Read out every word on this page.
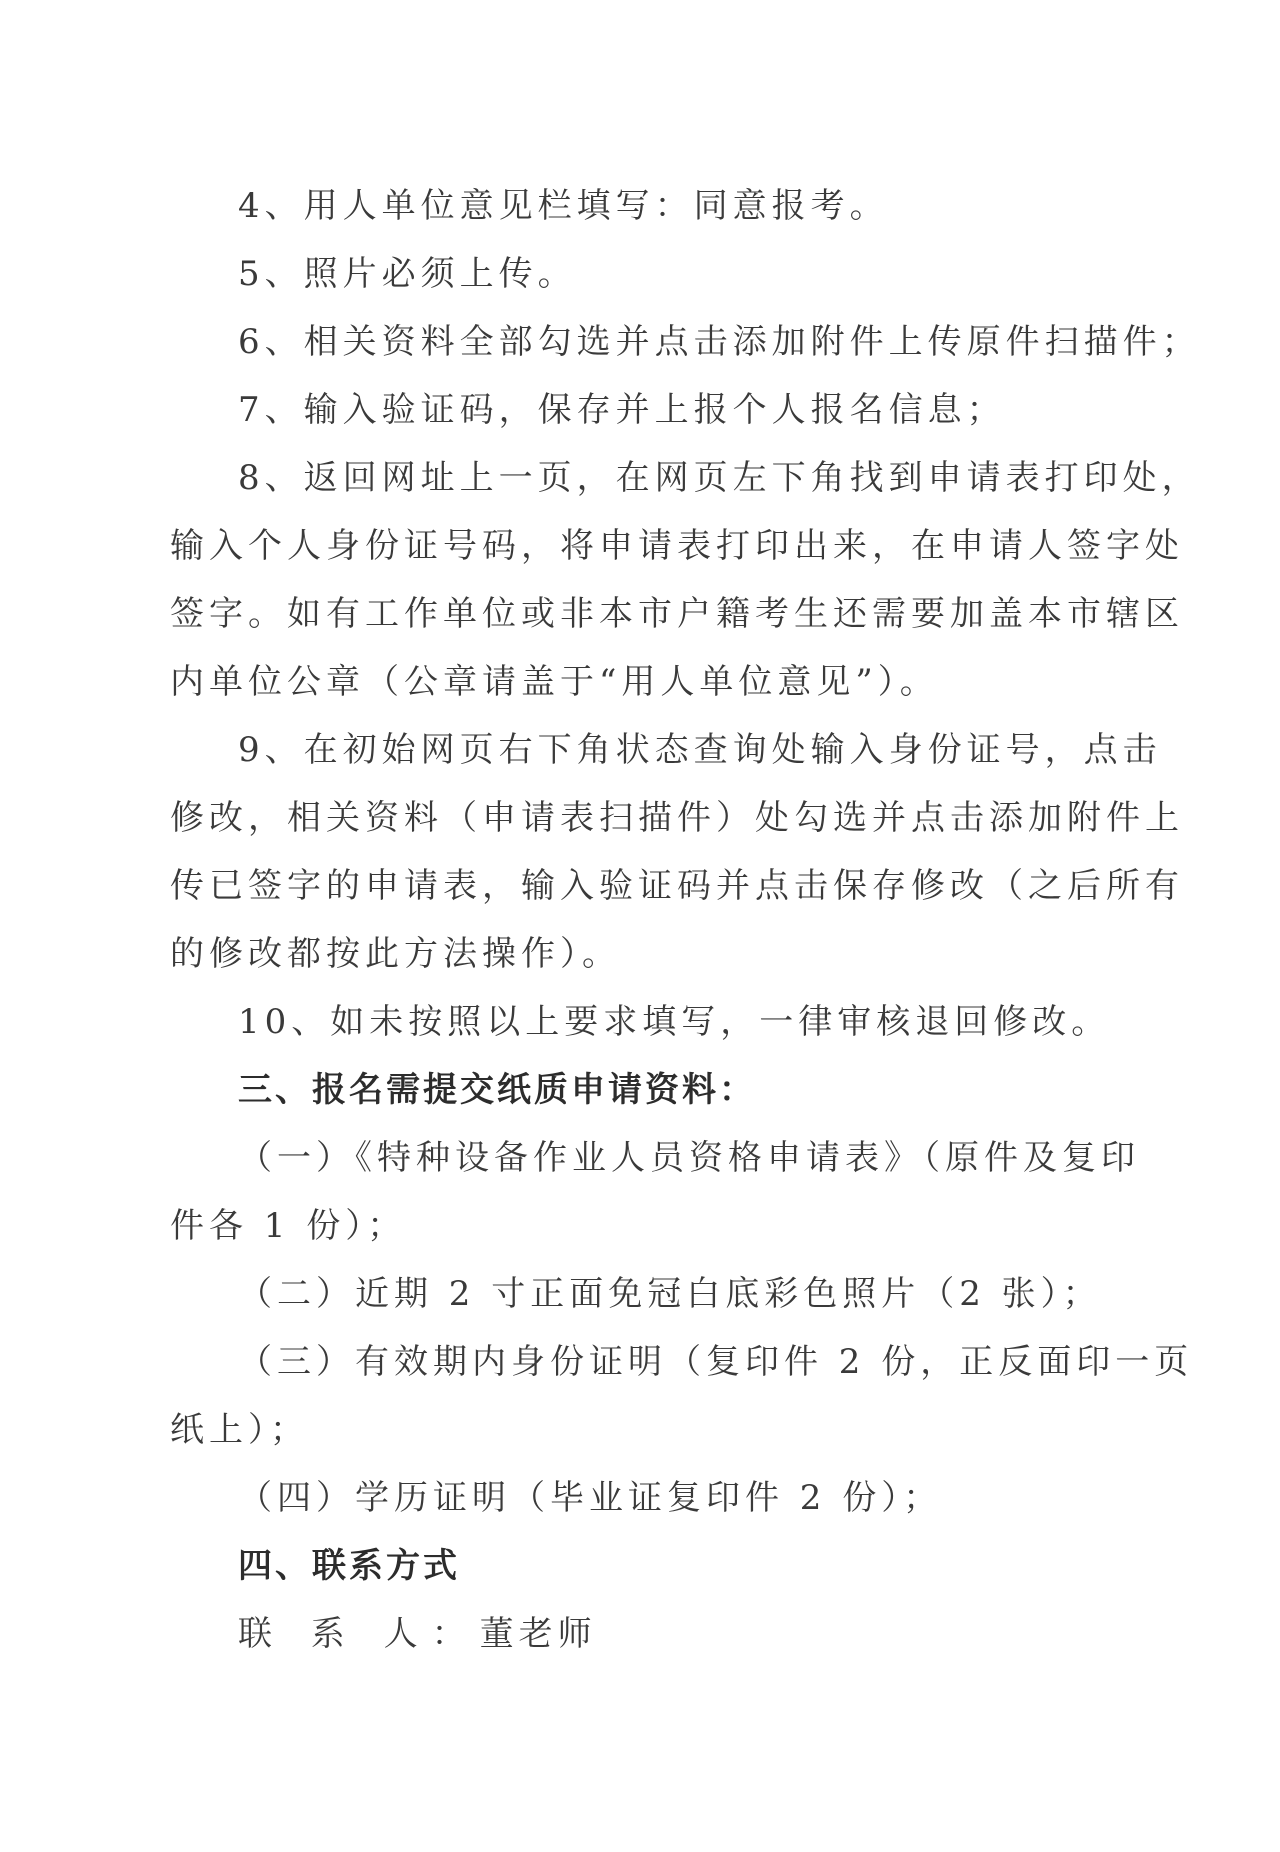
4、用人单位意见栏填写：同意报考。
5、照片必须上传。
6、相关资料全部勾选并点击添加附件上传原件扫描件；
7、输入验证码，保存并上报个人报名信息；
8、返回网址上一页，在网页左下角找到申请表打印处，
输入个人身份证号码，将申请表打印出来，在申请人签字处
签字。如有工作单位或非本市户籍考生还需要加盖本市辖区
内单位公章（公章请盖于“用人单位意见”）。
9、在初始网页右下角状态查询处输入身份证号，点击
修改，相关资料（申请表扫描件）处勾选并点击添加附件上
传已签字的申请表，输入验证码并点击保存修改（之后所有
的修改都按此方法操作）。
10、如未按照以上要求填写，一律审核退回修改。
三、报名需提交纸质申请资料：
（一）《特种设备作业人员资格申请表》（原件及复印
件各 1 份）；
（二）近期 2 寸正面免冠白底彩色照片（2 张）；
（三）有效期内身份证明（复印件 2 份，正反面印一页
纸上）；
（四）学历证明（毕业证复印件 2 份）；
四、联系方式
联 系 人：董老师
